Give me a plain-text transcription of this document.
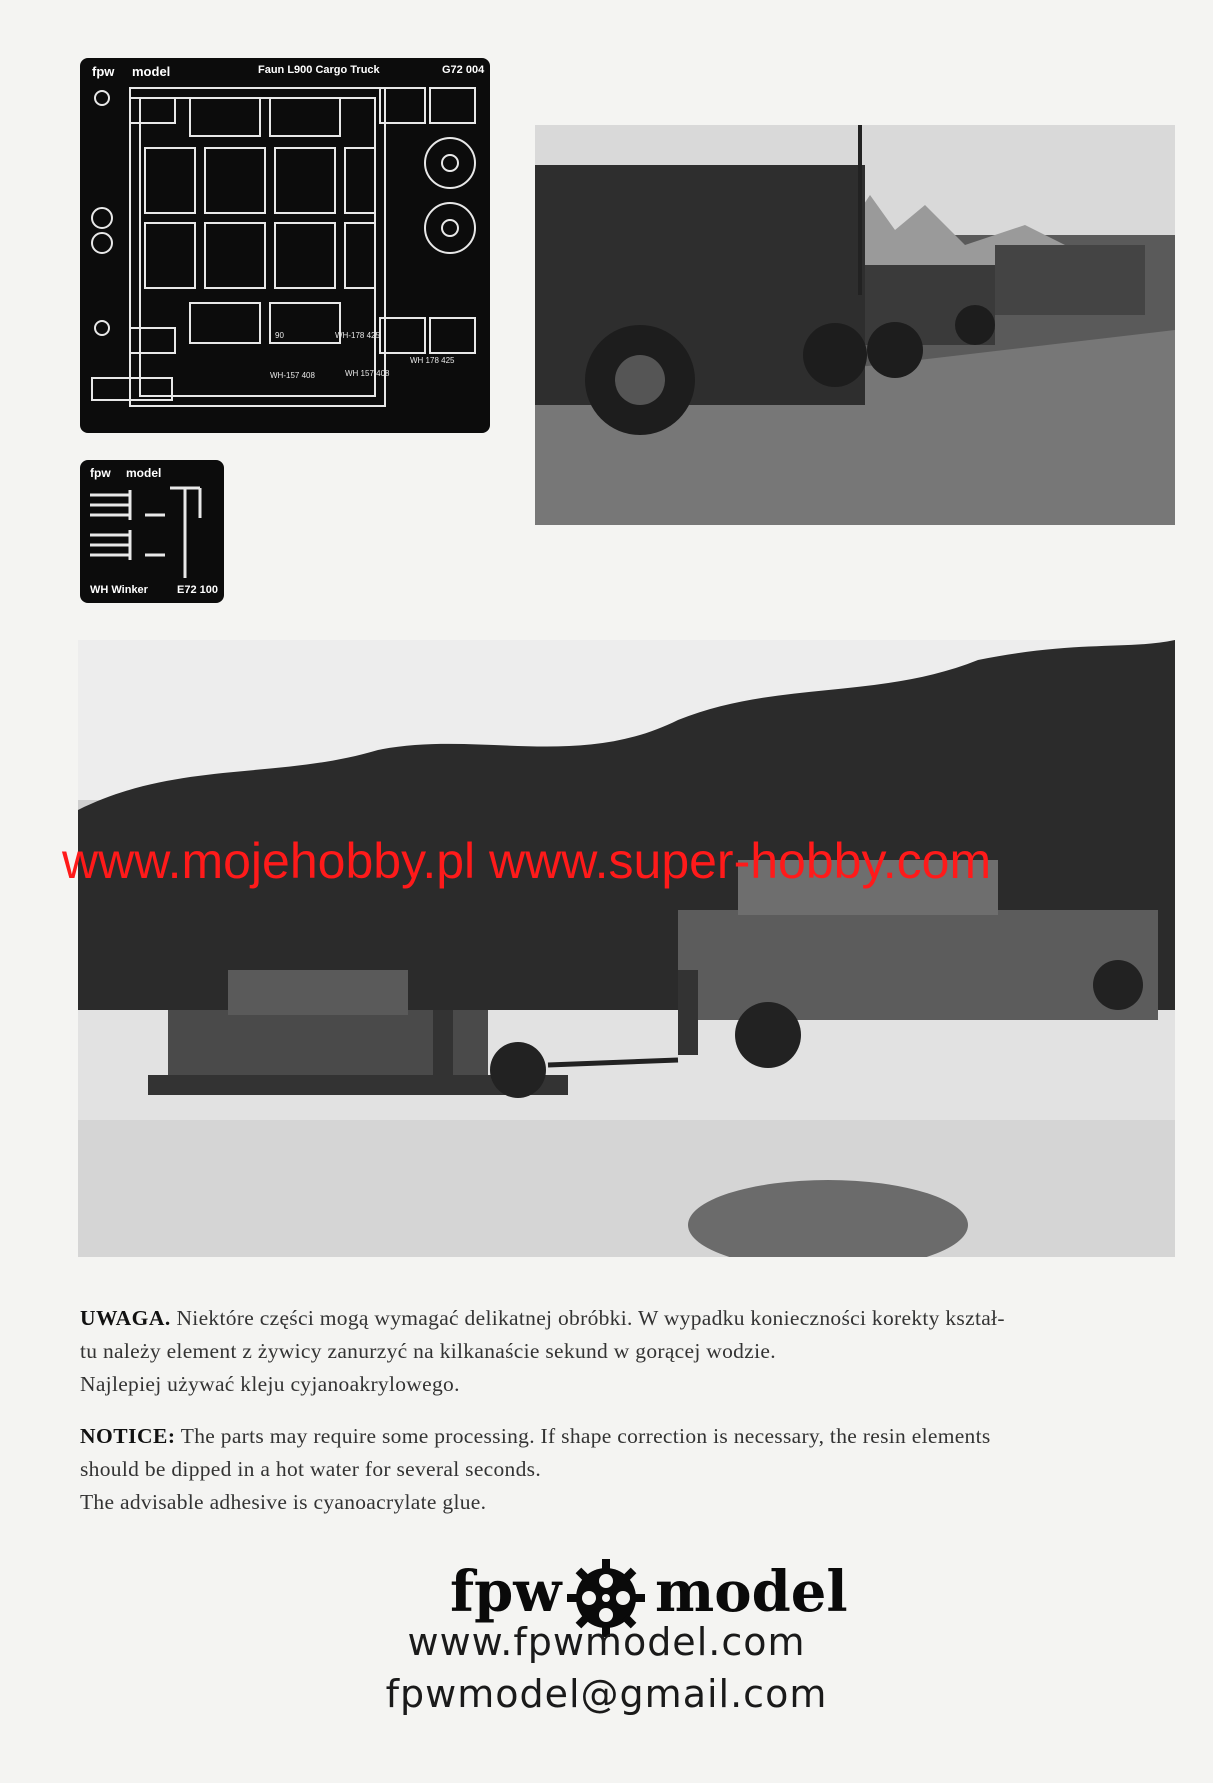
fpw model	Faun L900 Cargo Truck	G72 004
WH-178 425
WH-157 408	WH 157 408
WH 178 425
90
fpw model
WH Winker	E72 100
www.mojehobby.pl www.super-hobby.com
UWAGA. Niektóre części mogą wymagać delikatnej obróbki. W wypadku konieczności korekty kształ-
tu należy element z żywicy zanurzyć na kilkanaście sekund w gorącej wodzie.
Najlepiej używać kleju cyjanoakrylowego.
NOTICE: The parts may require some processing. If shape correction is necessary, the resin elements
should be dipped in a hot water for several seconds.
The advisable adhesive is cyanoacrylate glue.
fpw model
www.fpwmodel.com
fpwmodel@gmail.com
